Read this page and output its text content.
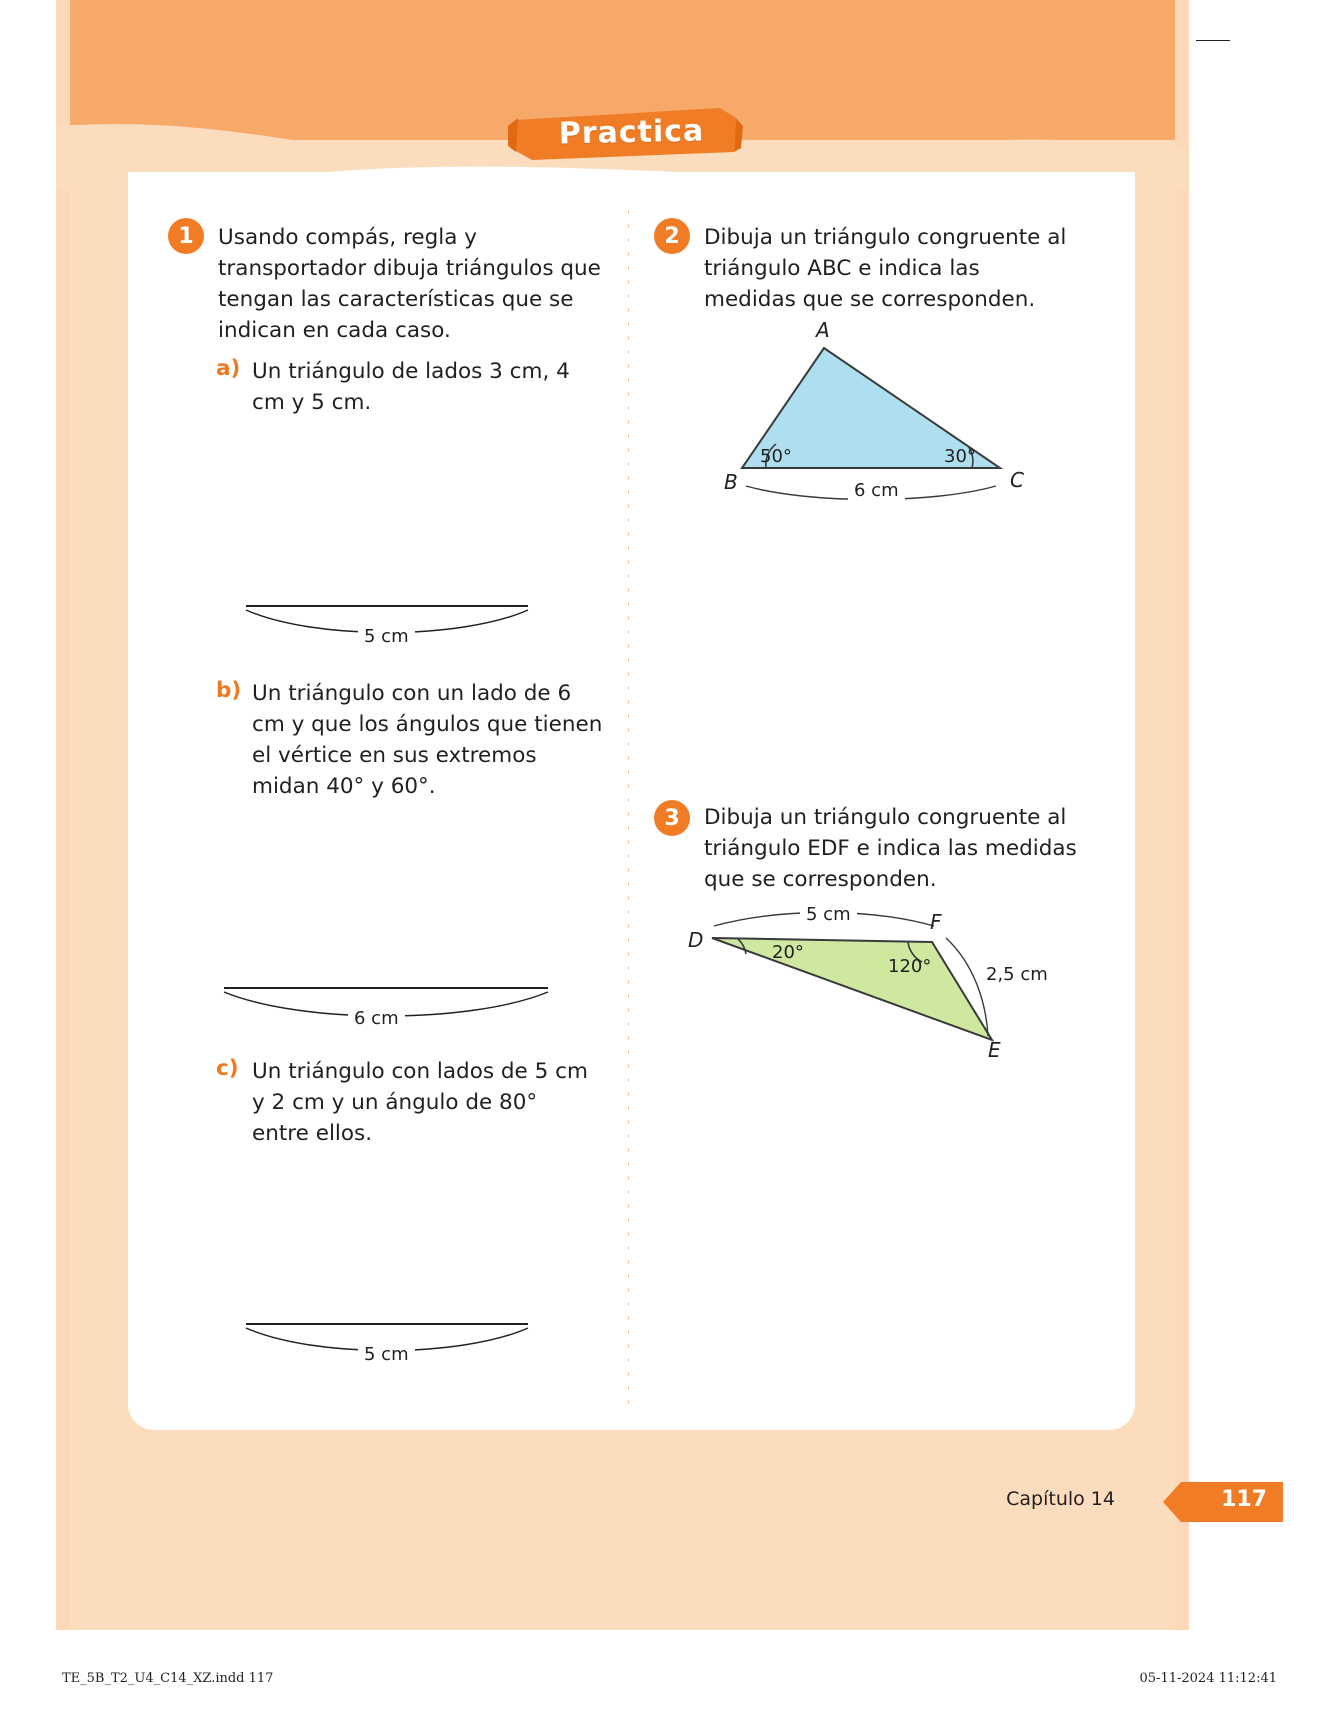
Practica
1	Usando compás, regla y transportador dibuja triángulos que tengan las características que se indican en cada caso.
a) Un triángulo de lados 3 cm, 4 cm y 5 cm.
5 cm
b) Un triángulo con un lado de 6 cm y que los ángulos que tienen el vértice en sus extremos midan 40° y 60°.
6 cm
c) Un triángulo con lados de 5 cm y 2 cm y un ángulo de 80° entre ellos.
5 cm
2	Dibuja un triángulo congruente al triángulo ABC e indica las medidas que se corresponden.
A
B	C
50°	30°
6 cm
3	Dibuja un triángulo congruente al triángulo EDF e indica las medidas que se corresponden.
D
F
E
20°
120°
5 cm
2,5 cm
Capítulo 14	117
TE_5B_T2_U4_C14_XZ.indd 117	05-11-2024 11:12:41
